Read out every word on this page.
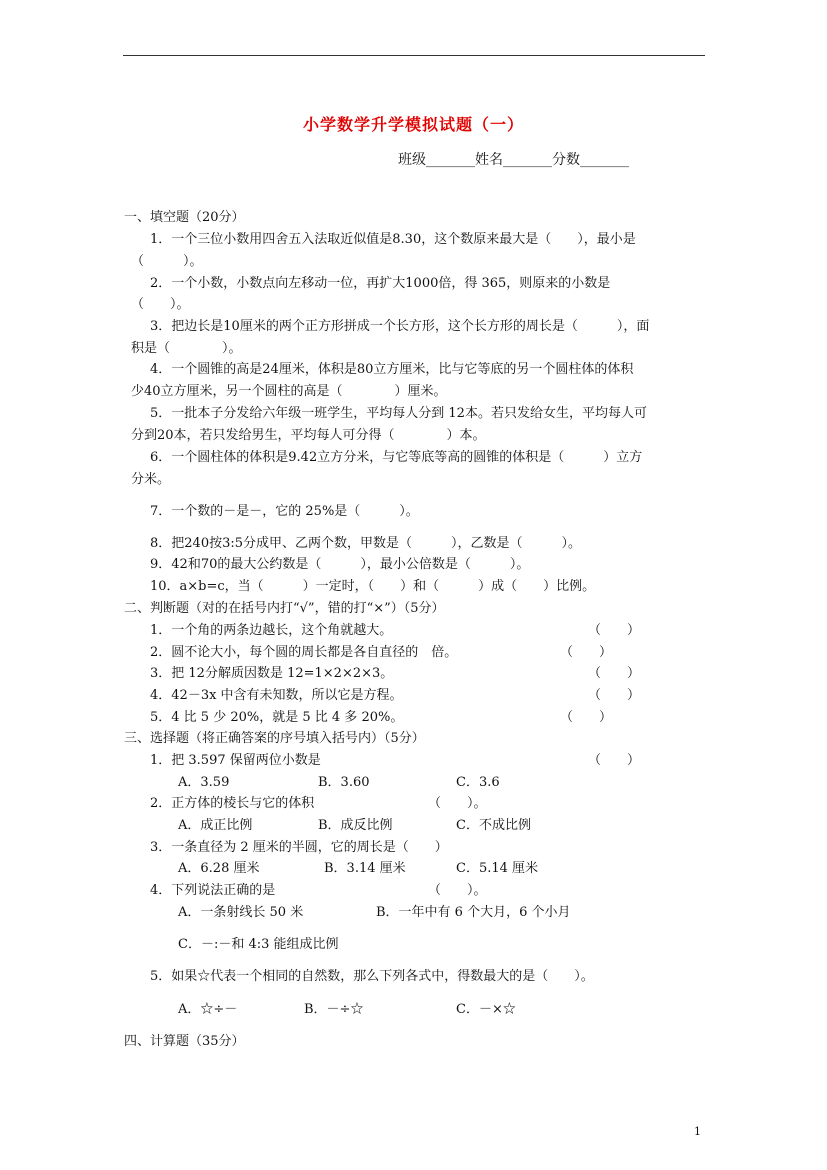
小学数学升学模拟试题（一）
班级_______姓名_______分数_______
一、填空题（20分）
1．一个三位小数用四舍五入法取近似值是8.30，这个数原来最大是（　　），最小是
（　　　）。
2．一个小数，小数点向左移动一位，再扩大1000倍，得 365，则原来的小数是
（　　）。
3．把边长是10厘米的两个正方形拼成一个长方形，这个长方形的周长是（　　　），面
积是（　　　　）。
4．一个圆锥的高是24厘米，体积是80立方厘米，比与它等底的另一个圆柱体的体积
少40立方厘米，另一个圆柱的高是（　　　　）厘米。
5．一批本子分发给六年级一班学生，平均每人分到 12本。若只发给女生，平均每人可
分到20本，若只发给男生，平均每人可分得（　　　　）本。
6．一个圆柱体的体积是9.42立方分米，与它等底等高的圆锥的体积是（　　　）立方
分米。
7．一个数的－是－，它的 25%是（　　　）。
8．把240按3:5分成甲、乙两个数，甲数是（　　　），乙数是（　　　）。
9．42和70的最大公约数是（　　　），最小公倍数是（　　　）。
10．a×b=c，当（　　　）一定时，（　　）和（　　　）成（　　）比例。
二、判断题（对的在括号内打“√”，错的打“×”）（5分）
1．一个角的两条边越长，这个角就越大。	（　　）
2．圆不论大小，每个圆的周长都是各自直径的　倍。	（　　）
3．把 12分解质因数是 12=1×2×2×3。	（　　）
4．42－3x 中含有未知数，所以它是方程。	（　　）
5．4 比 5 少 20%，就是 5 比 4 多 20%。	（　　）
三、选择题（将正确答案的序号填入括号内）（5分）
1．把 3.597 保留两位小数是	（　　）
A．3.59	B．3.60	C．3.6
2．正方体的棱长与它的体积	（　　）。
A．成正比例	B．成反比例	C．不成比例
3．一条直径为 2 厘米的半圆，它的周长是（　　）
A．6.28 厘米	B．3.14 厘米	C．5.14 厘米
4．下列说法正确的是	（　　）。
A．一条射线长 50 米	B．一年中有 6 个大月，6 个小月
C．－:－和 4:3 能组成比例
5．如果☆代表一个相同的自然数，那么下列各式中，得数最大的是（　　）。
A．☆÷－	B．－÷☆	C．－×☆
四、计算题（35分）
1
